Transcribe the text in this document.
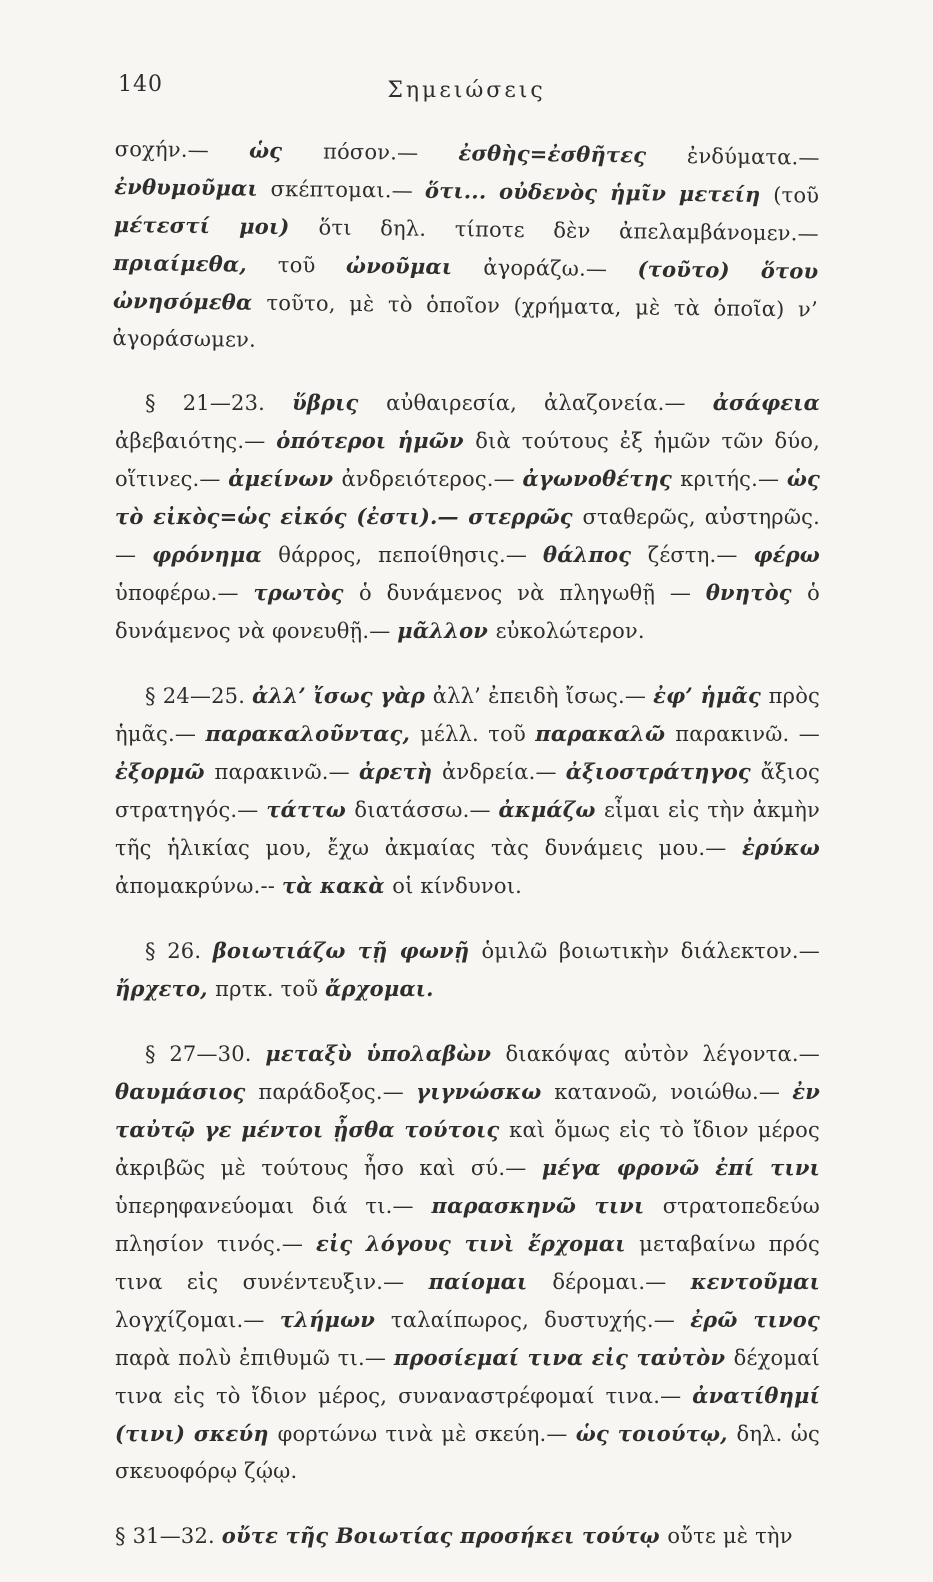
140	Σημειώσεις

σοχήν.— ὡς πόσον.— ἐσθὴς=ἐσθῆτες ἐνδύματα.— ἐνθυμοῦμαι σκέπτομαι.— ὅτι... οὐδενὸς ἡμῖν μετείη (τοῦ μέτεστί μοι) ὅτι δηλ. τίποτε δὲν ἀπελαμβάνομεν.— πριαίμεθα, τοῦ ὠνοῦμαι ἀγοράζω.— (τοῦτο) ὅτου ὠνησόμεθα τοῦτο, μὲ τὸ ὁποῖον (χρήματα, μὲ τὰ ὁποῖα) ν’ ἀγοράσωμεν.

§ 21—23. ὕβρις αὐθαιρεσία, ἀλαζονεία.— ἀσάφεια ἀβεβαιότης.— ὁπότεροι ἡμῶν διὰ τούτους ἐξ ἡμῶν τῶν δύο, οἵτινες.— ἀμείνων ἀνδρειότερος.— ἀγωνοθέτης κριτής.— ὡς τὸ εἰκὸς=ὡς εἰκός (ἐστι).— στερρῶς σταθερῶς, αὐστηρῶς.— φρόνημα θάρρος, πεποίθησις.— θάλπος ζέστη.— φέρω ὑποφέρω.— τρωτὸς ὁ δυνάμενος νὰ πληγωθῇ — θνητὸς ὁ δυνάμενος νὰ φονευθῇ.— μᾶλλον εὐκολώτερον.

§ 24—25. ἀλλ’ ἴσως γὰρ ἀλλ’ ἐπειδὴ ἴσως.— ἐφ’ ἡμᾶς πρὸς ἡμᾶς.— παρακαλοῦντας, μέλλ. τοῦ παρακαλῶ παρακινῶ. — ἐξορμῶ παρακινῶ.— ἀρετὴ ἀνδρεία.— ἀξιοστράτηγος ἄξιος στρατηγός.— τάττω διατάσσω.— ἀκμάζω εἶμαι εἰς τὴν ἀκμὴν τῆς ἡλικίας μου, ἔχω ἀκμαίας τὰς δυνάμεις μου.— ἐρύκω ἀπομακρύνω.-- τὰ κακὰ οἱ κίνδυνοι.

§ 26. βοιωτιάζω τῇ φωνῇ ὁμιλῶ βοιωτικὴν διάλεκτον.— ἤρχετο, πρτκ. τοῦ ἄρχομαι.

§ 27—30. μεταξὺ ὑπολαβὼν διακόψας αὐτὸν λέγοντα.— θαυμάσιος παράδοξος.— γιγνώσκω κατανοῶ, νοιώθω.— ἐν ταὐτῷ γε μέντοι ᾖσθα τούτοις καὶ ὅμως εἰς τὸ ἴδιον μέρος ἀκριβῶς μὲ τούτους ἦσο καὶ σύ.— μέγα φρονῶ ἐπί τινι ὑπερηφανεύομαι διά τι.— παρασκηνῶ τινι στρατοπεδεύω πλησίον τινός.— εἰς λόγους τινὶ ἔρχομαι μεταβαίνω πρός τινα εἰς συνέντευξιν.— παίομαι δέρομαι.— κεντοῦμαι λογχίζομαι.— τλήμων ταλαίπωρος, δυστυχής.— ἐρῶ τινος παρὰ πολὺ ἐπιθυμῶ τι.— προσίεμαί τινα εἰς ταὐτὸν δέχομαί τινα εἰς τὸ ἴδιον μέρος, συναναστρέφομαί τινα.— ἀνατίθημί (τινι) σκεύη φορτώνω τινὰ μὲ σκεύη.— ὡς τοιούτῳ, δηλ. ὡς σκευοφόρῳ ζῴῳ.

§ 31—32. οὔτε τῆς Βοιωτίας προσήκει τούτῳ οὔτε μὲ τὴν
